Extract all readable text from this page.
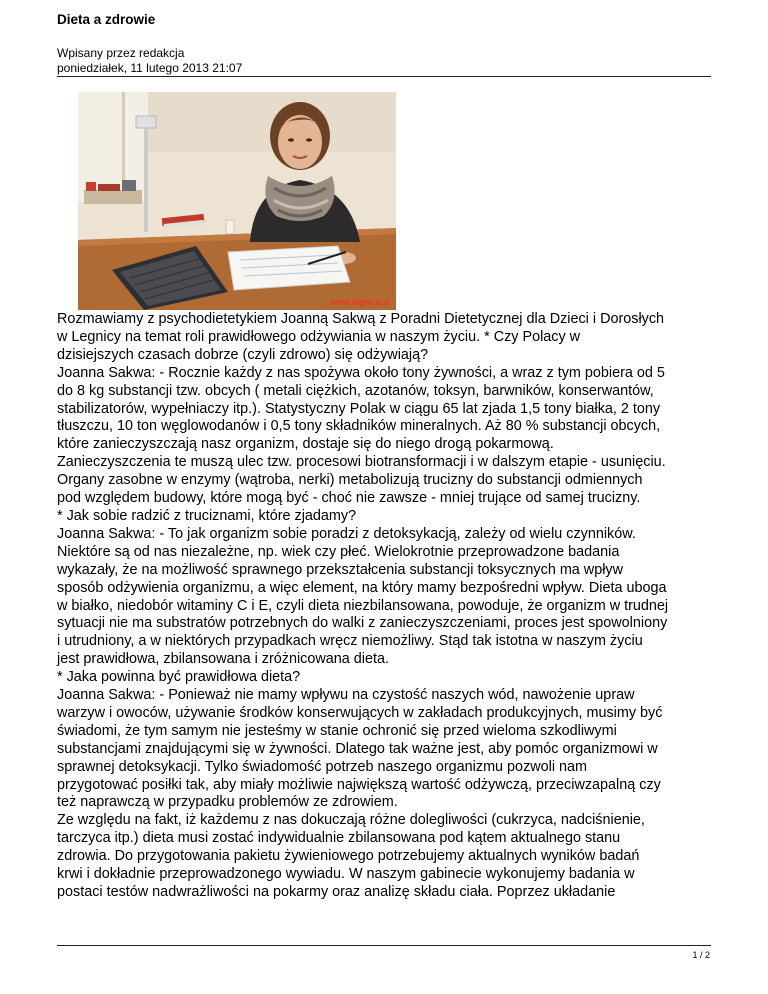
Dieta a zdrowie
Wpisany przez redakcja
poniedziałek, 11 lutego 2013 21:07
www.legnica.pl

Rozmawiamy z psychodietetykiem Joanną Sakwą z Poradni Dietetycznej dla Dzieci i Dorosłych

w Legnicy na temat roli prawidłowego odżywiania w naszym życiu. * Czy Polacy w

dzisiejszych czasach dobrze (czyli zdrowo) się odżywiają?

Joanna Sakwa: - Rocznie każdy z nas spożywa około tony żywności, a wraz z tym pobiera od 5

do 8 kg substancji tzw. obcych ( metali ciężkich, azotanów, toksyn, barwników, konserwantów,

stabilizatorów, wypełniaczy itp.). Statystyczny Polak w ciągu 65 lat zjada 1,5 tony białka, 2 tony

tłuszczu, 10 ton węglowodanów i 0,5 tony składników mineralnych. Aż 80 % substancji obcych,

które zanieczyszczają nasz organizm, dostaje się do niego drogą pokarmową.

Zanieczyszczenia te muszą ulec tzw. procesowi biotransformacji i w dalszym etapie - usunięciu.

Organy zasobne w enzymy (wątroba, nerki) metabolizują trucizny do substancji odmiennych

pod względem budowy, które mogą być - choć nie zawsze - mniej trujące od samej trucizny.

* Jak sobie radzić z truciznami, które zjadamy?

Joanna Sakwa: - To jak organizm sobie poradzi z detoksykacją, zależy od wielu czynników.

Niektóre są od nas niezależne, np. wiek czy płeć. Wielokrotnie przeprowadzone badania

wykazały, że na możliwość sprawnego przekształcenia substancji toksycznych ma wpływ

sposób odżywienia organizmu, a więc element, na który mamy bezpośredni wpływ. Dieta uboga

w białko, niedobór witaminy C i E, czyli dieta niezbilansowana, powoduje, że organizm w trudnej

sytuacji nie ma substratów potrzebnych do walki z zanieczyszczeniami, proces jest spowolniony

i utrudniony, a w niektórych przypadkach wręcz niemożliwy. Stąd tak istotna w naszym życiu

jest prawidłowa, zbilansowana i zróżnicowana dieta.

* Jaka powinna być prawidłowa dieta?

Joanna Sakwa: - Ponieważ nie mamy wpływu na czystość naszych wód, nawożenie upraw

warzyw i owoców, używanie środków konserwujących w zakładach produkcyjnych, musimy być

świadomi, że tym samym nie jesteśmy w stanie ochronić się przed wieloma szkodliwymi

substancjami znajdującymi się w żywności. Dlatego tak ważne jest, aby pomóc organizmowi w

sprawnej detoksykacji. Tylko świadomość potrzeb naszego organizmu pozwoli nam

przygotować posiłki tak, aby miały możliwie największą wartość odżywczą, przeciwzapalną czy

też naprawczą w przypadku problemów ze zdrowiem.

Ze względu na fakt, iż każdemu z nas dokuczają różne dolegliwości (cukrzyca, nadciśnienie,

tarczyca itp.) dieta musi zostać indywidualnie zbilansowana pod kątem aktualnego stanu

zdrowia. Do przygotowania pakietu żywieniowego potrzebujemy aktualnych wyników badań

krwi i dokładnie przeprowadzonego wywiadu. W naszym gabinecie wykonujemy badania w

postaci testów nadwrażliwości na pokarmy oraz analizę składu ciała. Poprzez układanie

1 / 2
